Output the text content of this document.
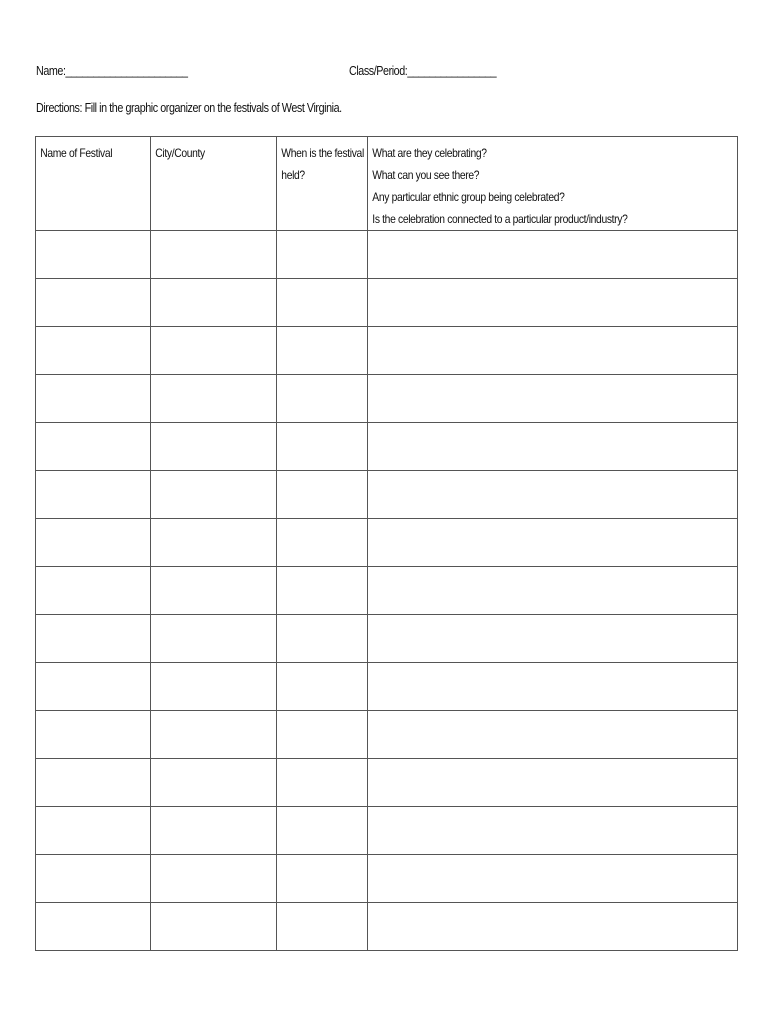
Name:______________________	Class/Period:________________
Directions: Fill in the graphic organizer on the festivals of West Virginia.
Name of Festival	City/County	When is the festival held?	What are they celebrating?
What can you see there?
Any particular ethnic group being celebrated?
Is the celebration connected to a particular product/industry?
